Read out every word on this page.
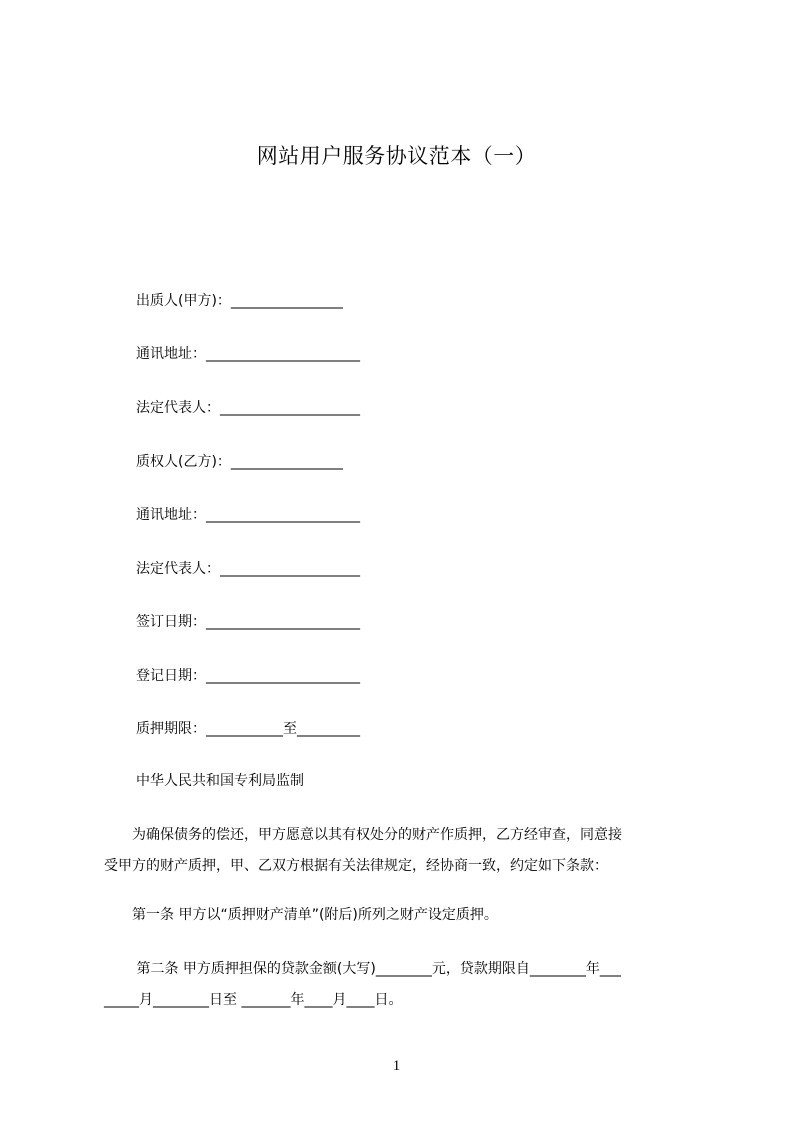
网站用户服务协议范本（一）
出质人(甲方)：________________
通讯地址：______________________
法定代表人：____________________
质权人(乙方)：________________
通讯地址：______________________
法定代表人：____________________
签订日期：______________________
登记日期：______________________
质押期限：___________至_________
中华人民共和国专利局监制
　　为确保债务的偿还，甲方愿意以其有权处分的财产作质押，乙方经审查，同意接
受甲方的财产质押，甲、乙双方根据有关法律规定，经协商一致，约定如下条款：
　　第一条 甲方以“质押财产清单”(附后)所列之财产设定质押。
　　 第二条 甲方质押担保的贷款金额(大写)________元，贷款期限自________年___
_____月________日至 _______年____月____日。
1
